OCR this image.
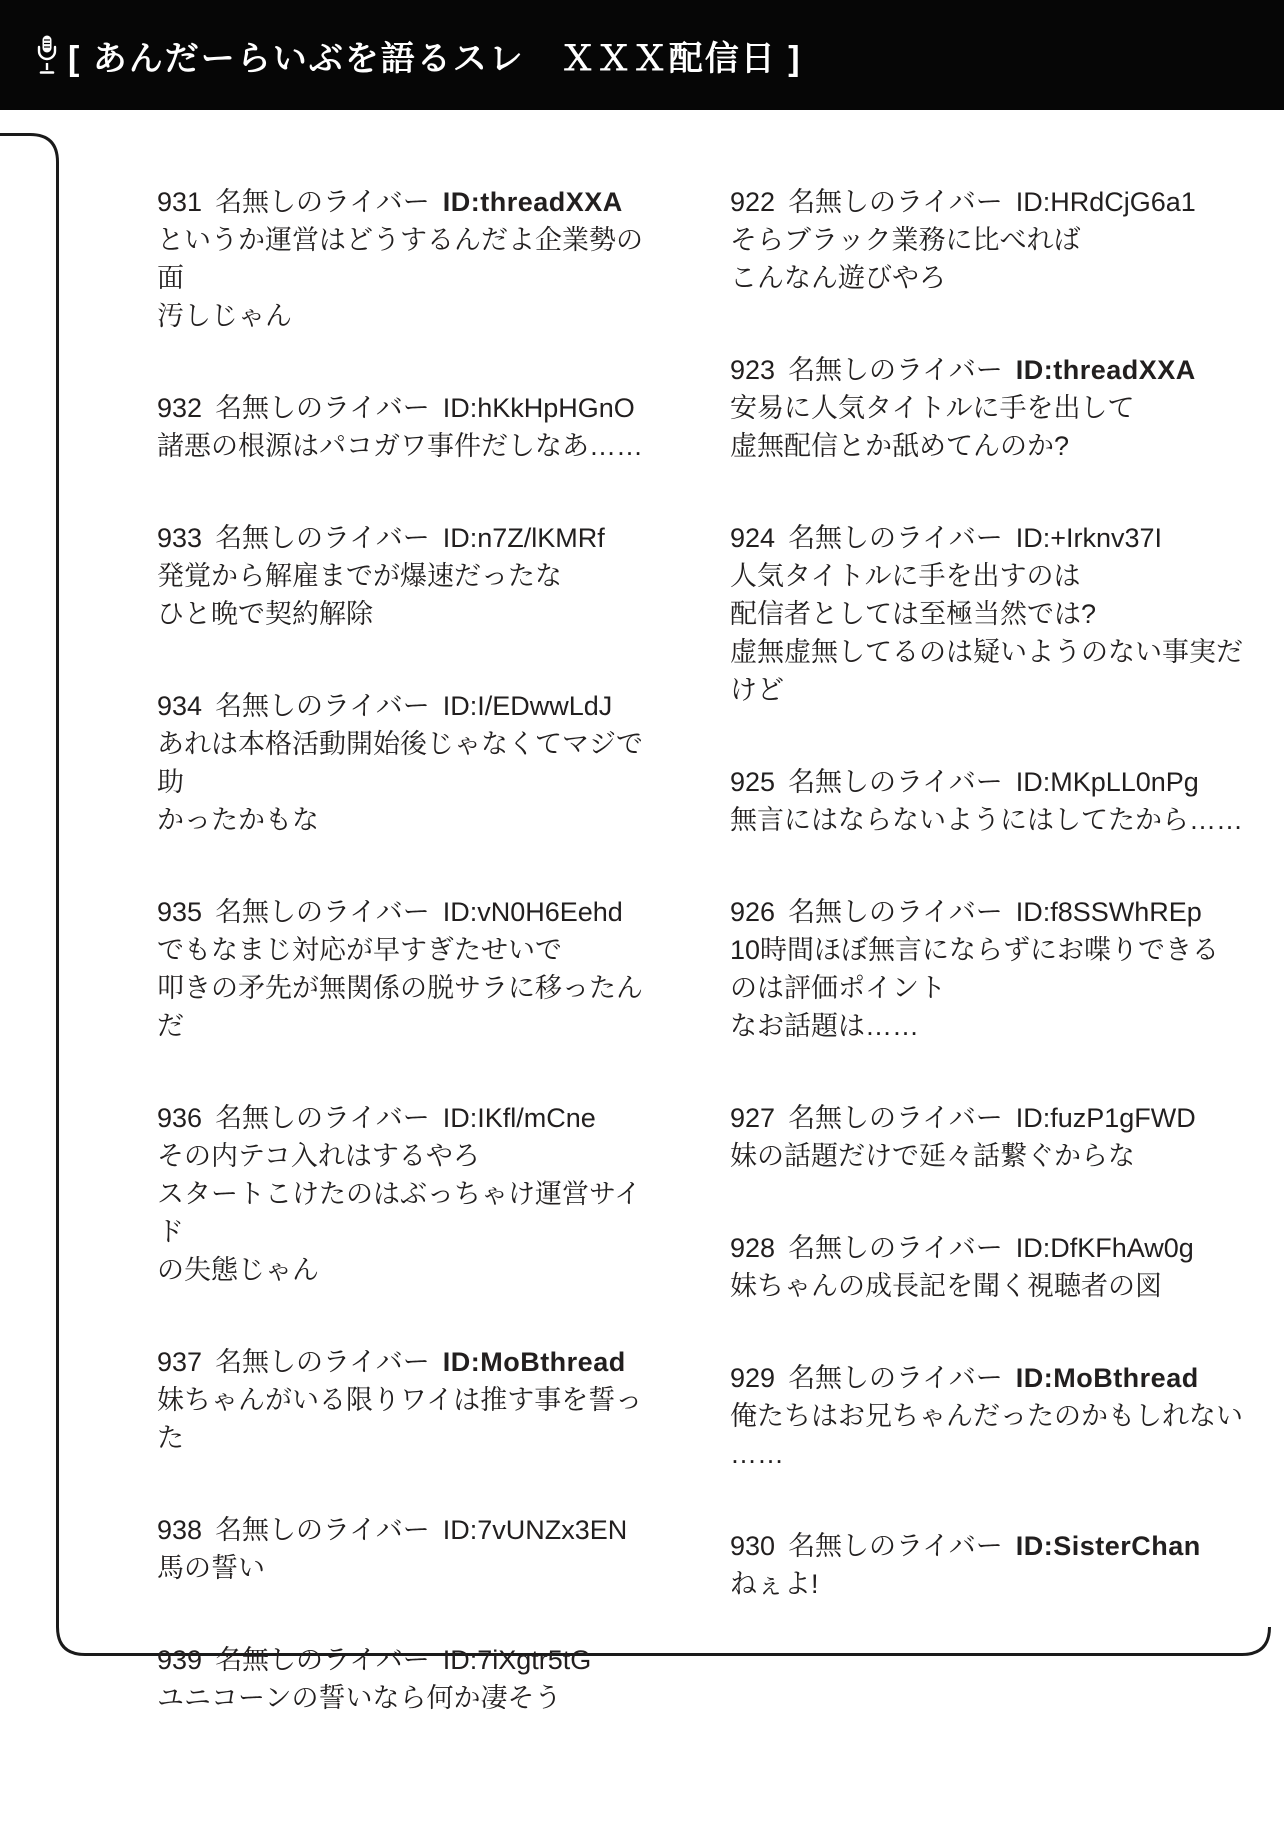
[ あんだーらいぶを語るスレ　ＸＸＸ配信日 ]
931 名無しのライバー ID:threadXXA
というか運営はどうするんだよ企業勢の面
汚しじゃん
932 名無しのライバー ID:hKkHpHGnO
諸悪の根源はパコガワ事件だしなあ……
933 名無しのライバー ID:n7Z/lKMRf
発覚から解雇までが爆速だったな
ひと晩で契約解除
934 名無しのライバー ID:I/EDwwLdJ
あれは本格活動開始後じゃなくてマジで助
かったかもな
935 名無しのライバー ID:vN0H6Eehd
でもなまじ対応が早すぎたせいで
叩きの矛先が無関係の脱サラに移ったんだ
936 名無しのライバー ID:IKfl/mCne
その内テコ入れはするやろ
スタートこけたのはぶっちゃけ運営サイド
の失態じゃん
937 名無しのライバー ID:MoBthread
妹ちゃんがいる限りワイは推す事を誓った
938 名無しのライバー ID:7vUNZx3EN
馬の誓い
939 名無しのライバー ID:7iXgtr5tG
ユニコーンの誓いなら何か凄そう
922 名無しのライバー ID:HRdCjG6a1
そらブラック業務に比べれば
こんなん遊びやろ
923 名無しのライバー ID:threadXXA
安易に人気タイトルに手を出して
虚無配信とか舐めてんのか?
924 名無しのライバー ID:+Irknv37I
人気タイトルに手を出すのは
配信者としては至極当然では?
虚無虚無してるのは疑いようのない事実だ
けど
925 名無しのライバー ID:MKpLL0nPg
無言にはならないようにはしてたから……
926 名無しのライバー ID:f8SSWhREp
10時間ほぼ無言にならずにお喋りできる
のは評価ポイント
なお話題は……
927 名無しのライバー ID:fuzP1gFWD
妹の話題だけで延々話繋ぐからな
928 名無しのライバー ID:DfKFhAw0g
妹ちゃんの成長記を聞く視聴者の図
929 名無しのライバー ID:MoBthread
俺たちはお兄ちゃんだったのかもしれない
……
930 名無しのライバー ID:SisterChan
ねぇよ!
